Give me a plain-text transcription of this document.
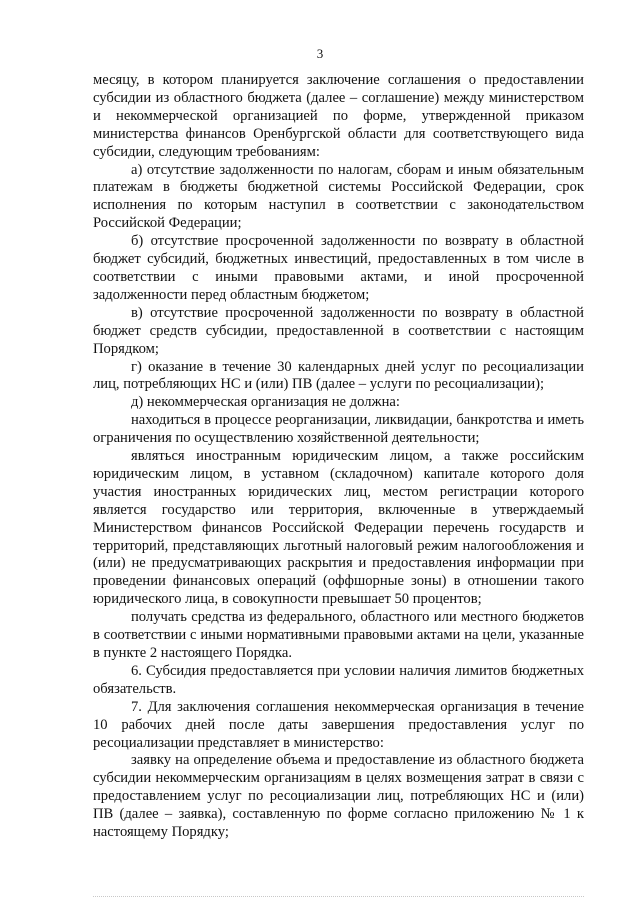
3

месяцу, в котором планируется заключение соглашения о предоставлении субсидии из областного бюджета (далее – соглашение) между министерством и некоммерческой организацией по форме, утвержденной приказом министерства финансов Оренбургской области для соответствующего вида субсидии, следующим требованиям:

а) отсутствие задолженности по налогам, сборам и иным обязательным платежам в бюджеты бюджетной системы Российской Федерации, срок исполнения по которым наступил в соответствии с законодательством Российской Федерации;

б) отсутствие просроченной задолженности по возврату в областной бюджет субсидий, бюджетных инвестиций, предоставленных в том числе в соответствии с иными правовыми актами, и иной просроченной задолженности перед областным бюджетом;

в) отсутствие просроченной задолженности по возврату в областной бюджет средств субсидии, предоставленной в соответствии с настоящим Порядком;

г) оказание в течение 30 календарных дней услуг по ресоциализации лиц, потребляющих НС и (или) ПВ (далее – услуги по ресоциализации);

д) некоммерческая организация не должна:

находиться в процессе реорганизации, ликвидации, банкротства и иметь ограничения по осуществлению хозяйственной деятельности;

являться иностранным юридическим лицом, а также российским юридическим лицом, в уставном (складочном) капитале которого доля участия иностранных юридических лиц, местом регистрации которого является государство или территория, включенные в утверждаемый Министерством финансов Российской Федерации перечень государств и территорий, представляющих льготный налоговый режим налогообложения и (или) не предусматривающих раскрытия и предоставления информации при проведении финансовых операций (оффшорные зоны) в отношении такого юридического лица, в совокупности превышает 50 процентов;

получать средства из федерального, областного или местного бюджетов в соответствии с иными нормативными правовыми актами на цели, указанные в пункте 2 настоящего Порядка.

6. Субсидия предоставляется при условии наличия лимитов бюджетных обязательств.

7. Для заключения соглашения некоммерческая организация в течение 10 рабочих дней после даты завершения предоставления услуг по ресоциализации представляет в министерство:

заявку на определение объема и предоставление из областного бюджета субсидии некоммерческим организациям в целях возмещения затрат в связи с предоставлением услуг по ресоциализации лиц, потребляющих НС и (или) ПВ (далее – заявка), составленную по форме согласно приложению № 1 к настоящему Порядку;
